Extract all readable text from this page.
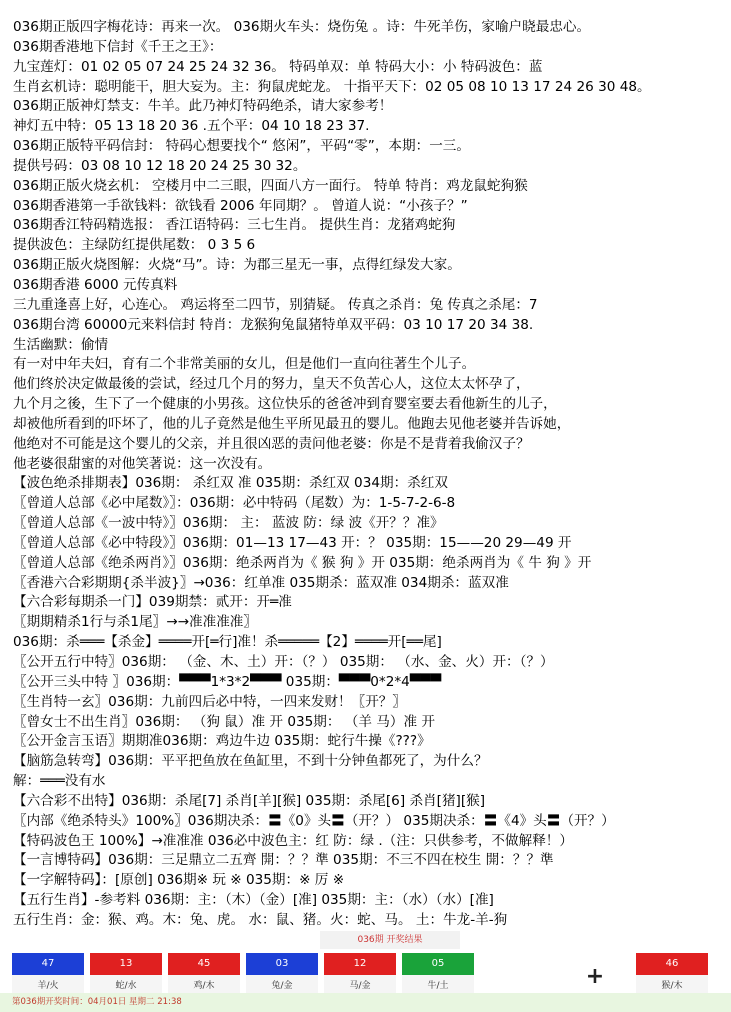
036期正版四字梅花诗：再来一次。 036期火车头：烧伤兔 。诗：牛死羊伤，家喻户晓最忠心。
036期香港地下信封《千王之王》：
九宝莲灯：01 02 05 07 24 25 24 32 36。 特码单双：单 特码大小：小 特码波色：蓝
生肖玄机诗：聪明能干，胆大妄为。主：狗鼠虎蛇龙。 十指平天下：02 05 08 10 13 17 24 26 30 48。
036期正版神灯禁支：牛羊。此乃神灯特码绝杀，请大家参考！
神灯五中特：05 13 18 20 36 .五个平：04 10 18 23 37.
036期正版特平码信封： 特码心想要找个“ 悠闲”，平码“零”，本期：一三。
提供号码：03 08 10 12 18 20 24 25 30 32。
036期正版火烧玄机： 空楼月中二三眼，四面八方一面行。 特单 特肖：鸡龙鼠蛇狗猴
036期香港第一手欲钱料：欲钱看 2006 年同期？。 曾道人说：“小孩子？”
036期香江特码精选报： 香江语特码：三七生肖。 提供生肖：龙猪鸡蛇狗
提供波色：主绿防红提供尾数： 0 3 5 6
036期正版火烧图解：火烧“马”。诗：为郡三星无一事，点得红绿发大家。
036期香港 6000 元传真料
三九重逢喜上好，心连心。 鸡运将至二四节，别猜疑。 传真之杀肖：兔 传真之杀尾：7
036期台湾 60000元来料信封 特肖：龙猴狗兔鼠猪特单双平码：03 10 17 20 34 38.
生活幽默：偷情
有一对中年夫妇，育有二个非常美丽的女儿，但是他们一直向往著生个儿子。
他们终於决定做最後的尝试，经过几个月的努力，皇天不负苦心人，这位太太怀孕了，
九个月之後，生下了一个健康的小男孩。这位快乐的爸爸冲到育婴室要去看他新生的儿子，
却被他所看到的吓坏了，他的儿子竟然是他生平所见最丑的婴儿。他跑去见他老婆并告诉她，
他绝对不可能是这个婴儿的父亲，并且很凶恶的责问他老婆：你是不是背着我偷汉子？
他老婆很甜蜜的对他笑著说：这一次没有。
【波色绝杀排期表】036期： 杀红双 准 035期：杀红双 034期：杀红双
〖曾道人总部《必中尾数》〗：036期：必中特码（尾数）为：1-5-7-2-6-8
〖曾道人总部《一波中特》〗036期： 主： 蓝波 防：绿 波《开？？准》
〖曾道人总部《必中特段》〗036期：01—13 17—43 开：？ 035期：15——20 29—49 开
〖曾道人总部《绝杀两肖》〗036期：绝杀两肖为《 猴 狗 》开 035期：绝杀两肖为《 牛 狗 》开
〖香港六合彩期期{杀半波}〗→036：红单准 035期杀：蓝双准 034期杀：蓝双准
【六合彩每期杀一门】039期禁：贰开：开═准
〖期期精杀1行与杀1尾〗→→准准准准〗
036期：杀═══【杀金】════开[═行]准！杀═════【2】════开[══尾]
〖公开五行中特〗036期： （金、木、土）开：（？） 035期： （水、金、火）开：（？）
〖公开三头中特 〗036期：▀▀▀1*3*2▀▀▀ 035期：▀▀▀0*2*4▀▀▀
〖生肖特一玄〗036期：九前四后必中特，一四来发财！〖开？〗
〖曾女士不出生肖〗036期： （狗 鼠）准 开 035期： （羊 马）准 开
〖公开金言玉语〗期期准036期：鸡边牛边 035期：蛇行牛操《???》
【脑筋急转弯】036期：平平把鱼放在鱼缸里，不到十分钟鱼都死了，为什么？
解：═══没有水
【六合彩不出特】036期：杀尾[7] 杀肖[羊][猴] 035期：杀尾[6] 杀肖[猪][猴]
〖内部《绝杀特头》100%〗036期决杀：〓《0》头〓（开？） 035期决杀：〓《4》头〓（开？）
【特码波色王 100%】→准准准 036必中波色主：红 防：绿 .（注：只供参考，不做解释！）
【一言博特码】036期：三足鼎立二五齊 開：？？準 035期：不三不四在校生 開：？？準
【一字解特码】：[原创] 036期※ 玩 ※ 035期：※ 厉 ※
【五行生肖】-参考料 036期：主：（木）（金）[准] 035期：主：（水）（水）[准]
五行生肖：金：猴、鸡。木：兔、虎。 水：鼠、猪。火：蛇、马。 土：牛龙-羊-狗
036期 开奖结果
47
羊/火
13
蛇/水
45
鸡/木
03
兔/金
12
马/金
05
牛/土	+
46
猴/木
第036期开奖时间：04月01日 星期二 21:38
